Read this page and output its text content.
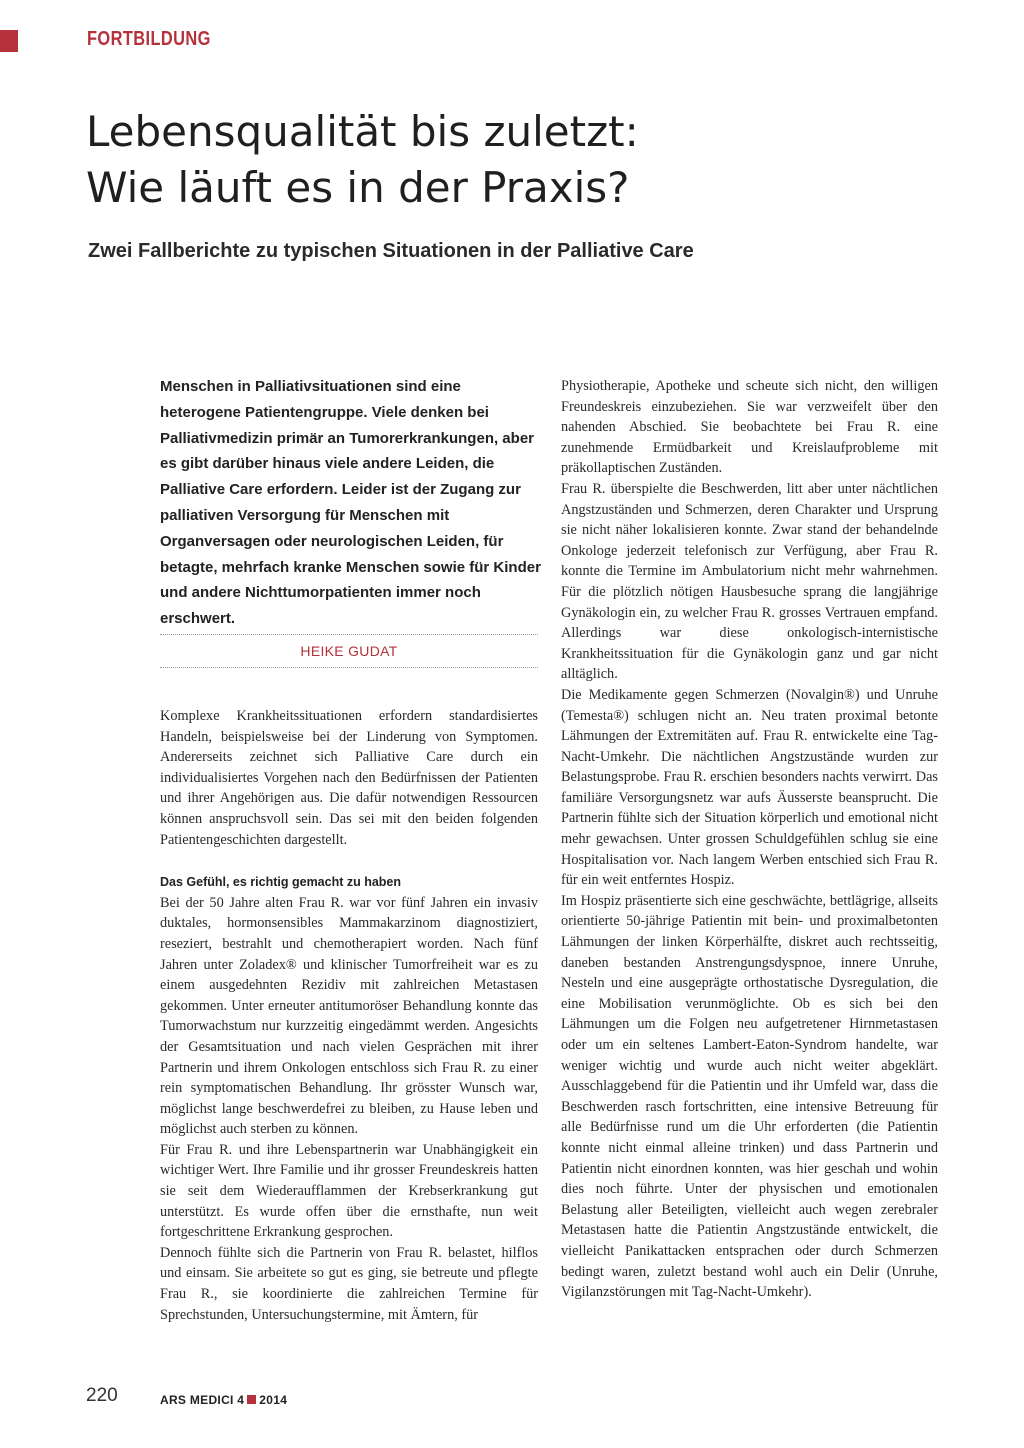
FORTBILDUNG
Lebensqualität bis zuletzt:
Wie läuft es in der Praxis?
Zwei Fallberichte zu typischen Situationen in der Palliative Care

Menschen in Palliativsituationen sind eine heterogene Patientengruppe. Viele denken bei Palliativmedizin primär an Tumorerkrankungen, aber es gibt darüber hinaus viele andere Leiden, die Palliative Care erfordern. Leider ist der Zugang zur palliativen Versorgung für Menschen mit Organversagen oder neurologischen Leiden, für betagte, mehrfach kranke Menschen sowie für Kinder und andere Nichttumorpatienten immer noch erschwert.

HEIKE GUDAT

Komplexe Krankheitssituationen erfordern standardisiertes Handeln, beispielsweise bei der Linderung von Symptomen. Andererseits zeichnet sich Palliative Care durch ein individualisiertes Vorgehen nach den Bedürfnissen der Patienten und ihrer Angehörigen aus. Die dafür notwendigen Ressourcen können anspruchsvoll sein. Das sei mit den beiden folgenden Patientengeschichten dargestellt.

Das Gefühl, es richtig gemacht zu haben

Bei der 50 Jahre alten Frau R. war vor fünf Jahren ein invasiv duktales, hormonsensibles Mammakarzinom diagnostiziert, reseziert, bestrahlt und chemotherapiert worden. Nach fünf Jahren unter Zoladex® und klinischer Tumorfreiheit war es zu einem ausgedehnten Rezidiv mit zahlreichen Metastasen gekommen. Unter erneuter antitumoröser Behandlung konnte das Tumorwachstum nur kurzzeitig eingedämmt werden. Angesichts der Gesamtsituation und nach vielen Gesprächen mit ihrer Partnerin und ihrem Onkologen entschloss sich Frau R. zu einer rein symptomatischen Behandlung. Ihr grösster Wunsch war, möglichst lange beschwerdefrei zu bleiben, zu Hause leben und möglichst auch sterben zu können.

Für Frau R. und ihre Lebenspartnerin war Unabhängigkeit ein wichtiger Wert. Ihre Familie und ihr grosser Freundeskreis hatten sie seit dem Wiederaufflammen der Krebserkrankung gut unterstützt. Es wurde offen über die ernsthafte, nun weit fortgeschrittene Erkrankung gesprochen.

Dennoch fühlte sich die Partnerin von Frau R. belastet, hilflos und einsam. Sie arbeitete so gut es ging, sie betreute und pflegte Frau R., sie koordinierte die zahlreichen Termine für Sprechstunden, Untersuchungstermine, mit Ämtern, für

Physiotherapie, Apotheke und scheute sich nicht, den willigen Freundeskreis einzubeziehen. Sie war verzweifelt über den nahenden Abschied. Sie beobachtete bei Frau R. eine zunehmende Ermüdbarkeit und Kreislaufprobleme mit präkollaptischen Zuständen.

Frau R. überspielte die Beschwerden, litt aber unter nächtlichen Angstzuständen und Schmerzen, deren Charakter und Ursprung sie nicht näher lokalisieren konnte. Zwar stand der behandelnde Onkologe jederzeit telefonisch zur Verfügung, aber Frau R. konnte die Termine im Ambulatorium nicht mehr wahrnehmen. Für die plötzlich nötigen Hausbesuche sprang die langjährige Gynäkologin ein, zu welcher Frau R. grosses Vertrauen empfand. Allerdings war diese onkologisch-internistische Krankheitssituation für die Gynäkologin ganz und gar nicht alltäglich.

Die Medikamente gegen Schmerzen (Novalgin®) und Unruhe (Temesta®) schlugen nicht an. Neu traten proximal betonte Lähmungen der Extremitäten auf. Frau R. entwickelte eine Tag-Nacht-Umkehr. Die nächtlichen Angstzustände wurden zur Belastungsprobe. Frau R. erschien besonders nachts verwirrt. Das familiäre Versorgungsnetz war aufs Äusserste beansprucht. Die Partnerin fühlte sich der Situation körperlich und emotional nicht mehr gewachsen. Unter grossen Schuldgefühlen schlug sie eine Hospitalisation vor. Nach langem Werben entschied sich Frau R. für ein weit entferntes Hospiz.

Im Hospiz präsentierte sich eine geschwächte, bettlägrige, allseits orientierte 50-jährige Patientin mit bein- und proximalbetonten Lähmungen der linken Körperhälfte, diskret auch rechtsseitig, daneben bestanden Anstrengungsdyspnoe, innere Unruhe, Nesteln und eine ausgeprägte orthostatische Dysregulation, die eine Mobilisation verunmöglichte. Ob es sich bei den Lähmungen um die Folgen neu aufgetretener Hirnmetastasen oder um ein seltenes Lambert-Eaton-Syndrom handelte, war weniger wichtig und wurde auch nicht weiter abgeklärt. Ausschlaggebend für die Patientin und ihr Umfeld war, dass die Beschwerden rasch fortschritten, eine intensive Betreuung für alle Bedürfnisse rund um die Uhr erforderten (die Patientin konnte nicht einmal alleine trinken) und dass Partnerin und Patientin nicht einordnen konnten, was hier geschah und wohin dies noch führte. Unter der physischen und emotionalen Belastung aller Beteiligten, vielleicht auch wegen zerebraler Metastasen hatte die Patientin Angstzustände entwickelt, die vielleicht Panikattacken entsprachen oder durch Schmerzen bedingt waren, zuletzt bestand wohl auch ein Delir (Unruhe, Vigilanzstörungen mit Tag-Nacht-Umkehr).

220	ARS MEDICI 4 2014
